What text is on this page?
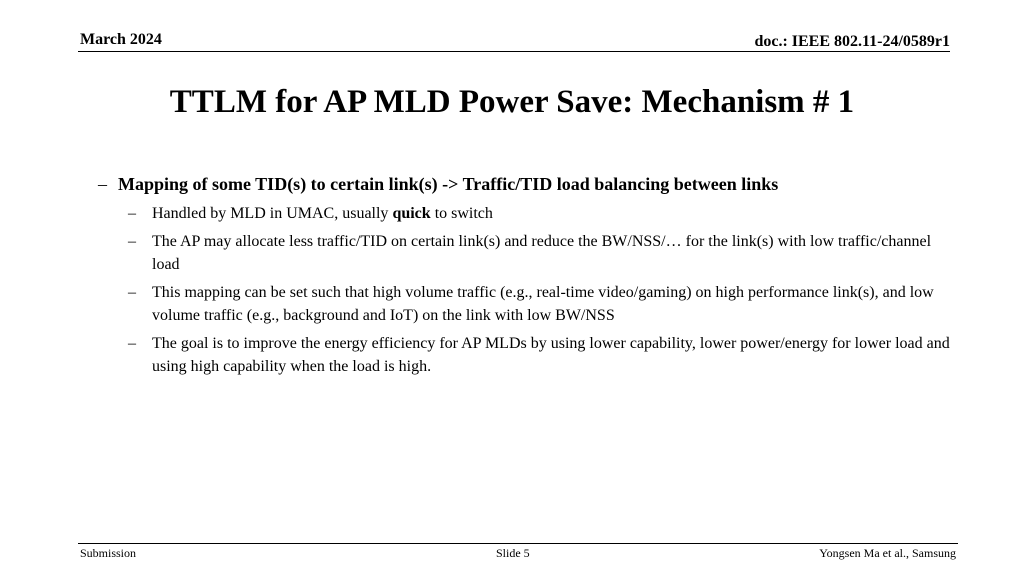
March 2024	doc.: IEEE 802.11-24/0589r1
TTLM for AP MLD Power Save: Mechanism # 1
– Mapping of some TID(s) to certain link(s) -> Traffic/TID load balancing between links
– Handled by MLD in UMAC, usually quick to switch
– The AP may allocate less traffic/TID on certain link(s) and reduce the BW/NSS/… for the link(s) with low traffic/channel load
– This mapping can be set such that high volume traffic (e.g., real-time video/gaming) on high performance link(s), and low volume traffic (e.g., background and IoT) on the link with low BW/NSS
– The goal is to improve the energy efficiency for AP MLDs by using lower capability, lower power/energy for lower load and using high capability when the load is high.
Submission	Slide 5	Yongsen Ma et al., Samsung
